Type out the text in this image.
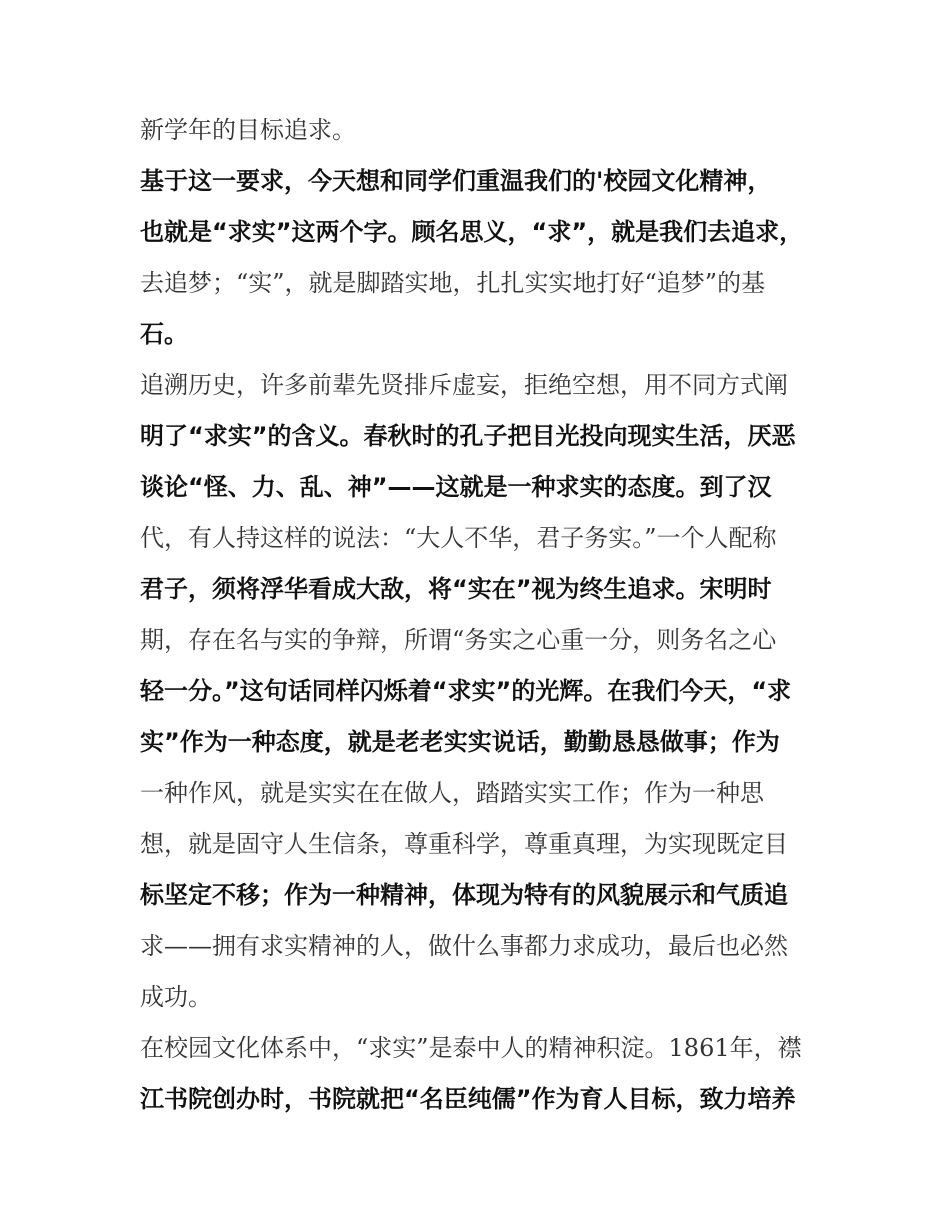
新学年的目标追求。
基于这一要求，今天想和同学们重温我们的'校园文化精神，
也就是“求实”这两个字。顾名思义，“求”，就是我们去追求，
去追梦；“实”，就是脚踏实地，扎扎实实地打好“追梦”的基
石。
追溯历史，许多前辈先贤排斥虚妄，拒绝空想，用不同方式阐
明了“求实”的含义。春秋时的孔子把目光投向现实生活，厌恶
谈论“怪、力、乱、神”——这就是一种求实的态度。到了汉
代，有人持这样的说法：“大人不华，君子务实。”一个人配称
君子，须将浮华看成大敌，将“实在”视为终生追求。宋明时
期，存在名与实的争辩，所谓“务实之心重一分，则务名之心
轻一分。”这句话同样闪烁着“求实”的光辉。在我们今天，“求
实”作为一种态度，就是老老实实说话，勤勤恳恳做事；作为
一种作风，就是实实在在做人，踏踏实实工作；作为一种思
想，就是固守人生信条，尊重科学，尊重真理，为实现既定目
标坚定不移；作为一种精神，体现为特有的风貌展示和气质追
求——拥有求实精神的人，做什么事都力求成功，最后也必然
成功。
在校园文化体系中，“求实”是泰中人的精神积淀。1861年，襟
江书院创办时，书院就把“名臣纯儒”作为育人目标，致力培养
